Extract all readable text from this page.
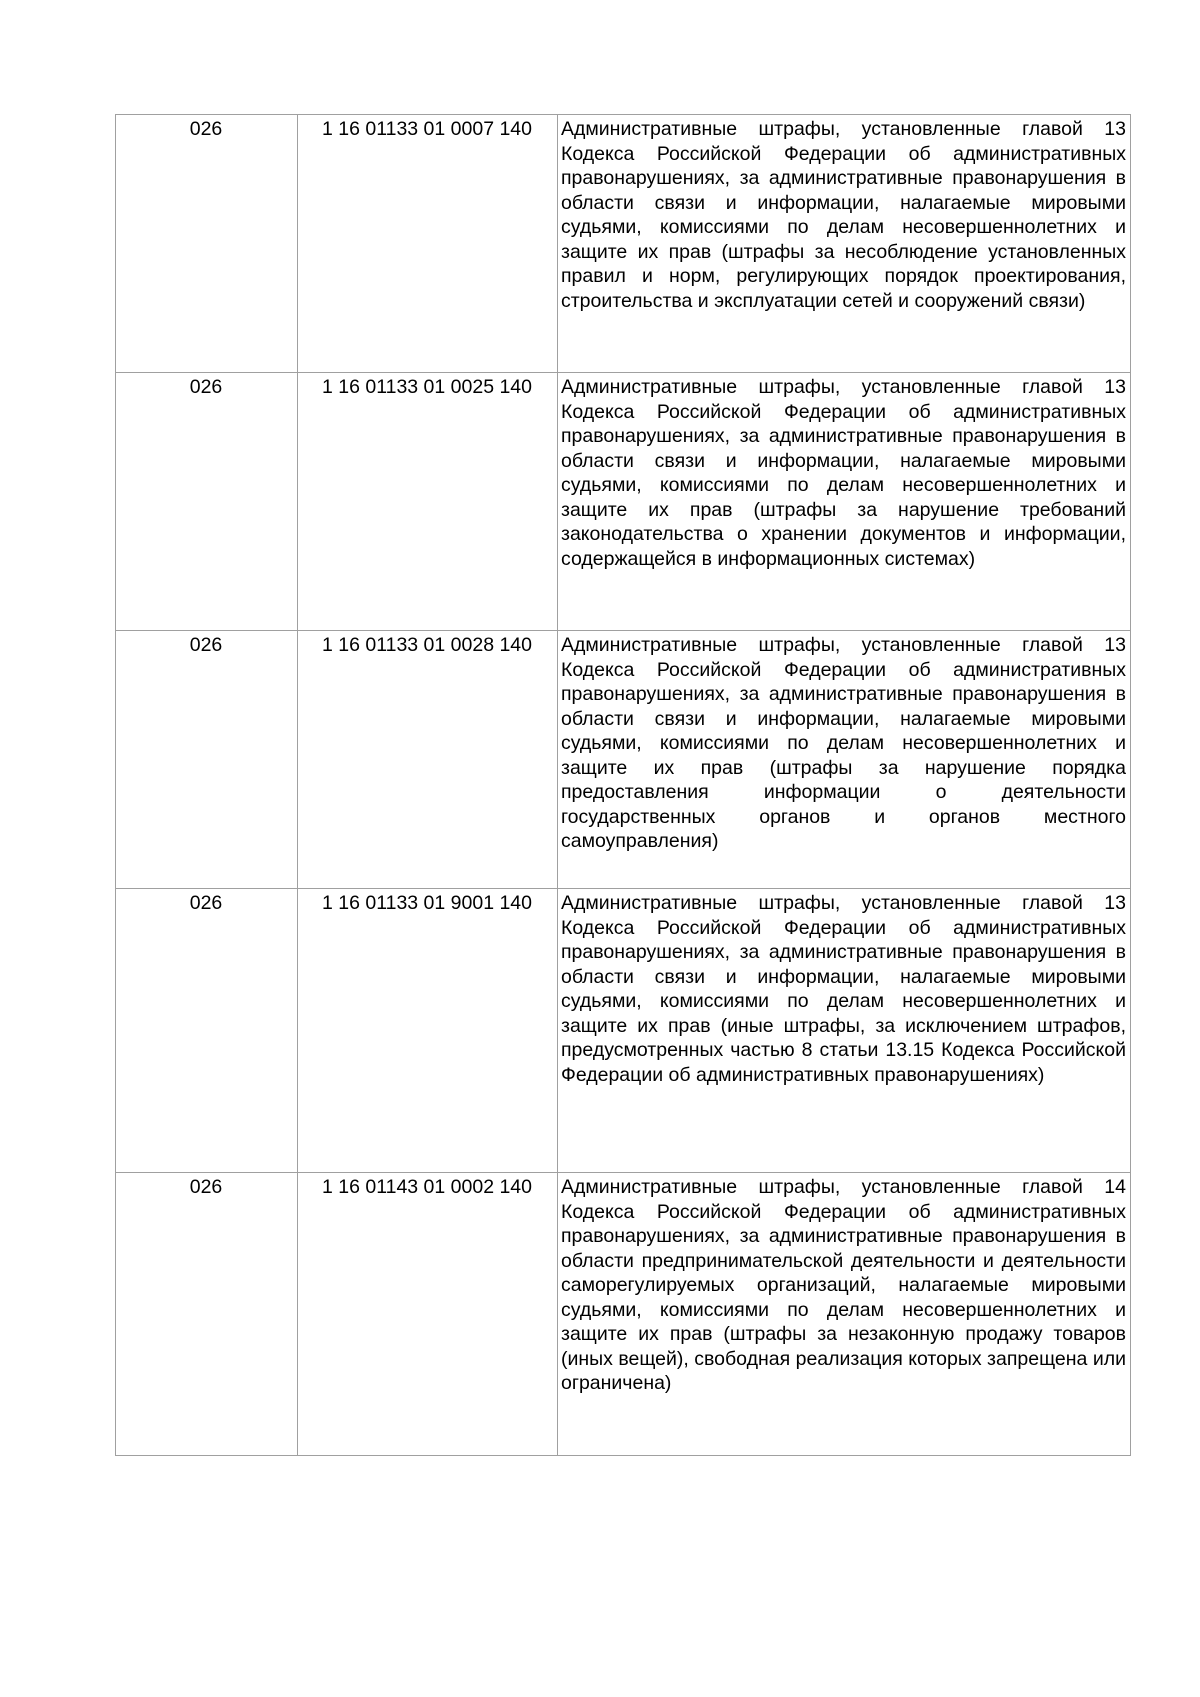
026	1 16 01133 01 0007 140	Административные штрафы, установленные главой 13 Кодекса Российской Федерации об административных правонарушениях, за административные правонарушения в области связи и информации, налагаемые мировыми судьями, комиссиями по делам несовершеннолетних и защите их прав (штрафы за несоблюдение установленных правил и норм, регулирующих порядок проектирования, строительства и эксплуатации сетей и сооружений связи)
026	1 16 01133 01 0025 140	Административные штрафы, установленные главой 13 Кодекса Российской Федерации об административных правонарушениях, за административные правонарушения в области связи и информации, налагаемые мировыми судьями, комиссиями по делам несовершеннолетних и защите их прав (штрафы за нарушение требований законодательства о хранении документов и информации, содержащейся в информационных системах)
026	1 16 01133 01 0028 140	Административные штрафы, установленные главой 13 Кодекса Российской Федерации об административных правонарушениях, за административные правонарушения в области связи и информации, налагаемые мировыми судьями, комиссиями по делам несовершеннолетних и защите их прав (штрафы за нарушение порядка предоставления информации о деятельности государственных органов и органов местного самоуправления)
026	1 16 01133 01 9001 140	Административные штрафы, установленные главой 13 Кодекса Российской Федерации об административных правонарушениях, за административные правонарушения в области связи и информации, налагаемые мировыми судьями, комиссиями по делам несовершеннолетних и защите их прав (иные штрафы, за исключением штрафов, предусмотренных частью 8 статьи 13.15 Кодекса Российской Федерации об административных правонарушениях)
026	1 16 01143 01 0002 140	Административные штрафы, установленные главой 14 Кодекса Российской Федерации об административных правонарушениях, за административные правонарушения в области предпринимательской деятельности и деятельности саморегулируемых организаций, налагаемые мировыми судьями, комиссиями по делам несовершеннолетних и защите их прав (штрафы за незаконную продажу товаров (иных вещей), свободная реализация которых запрещена или ограничена)
